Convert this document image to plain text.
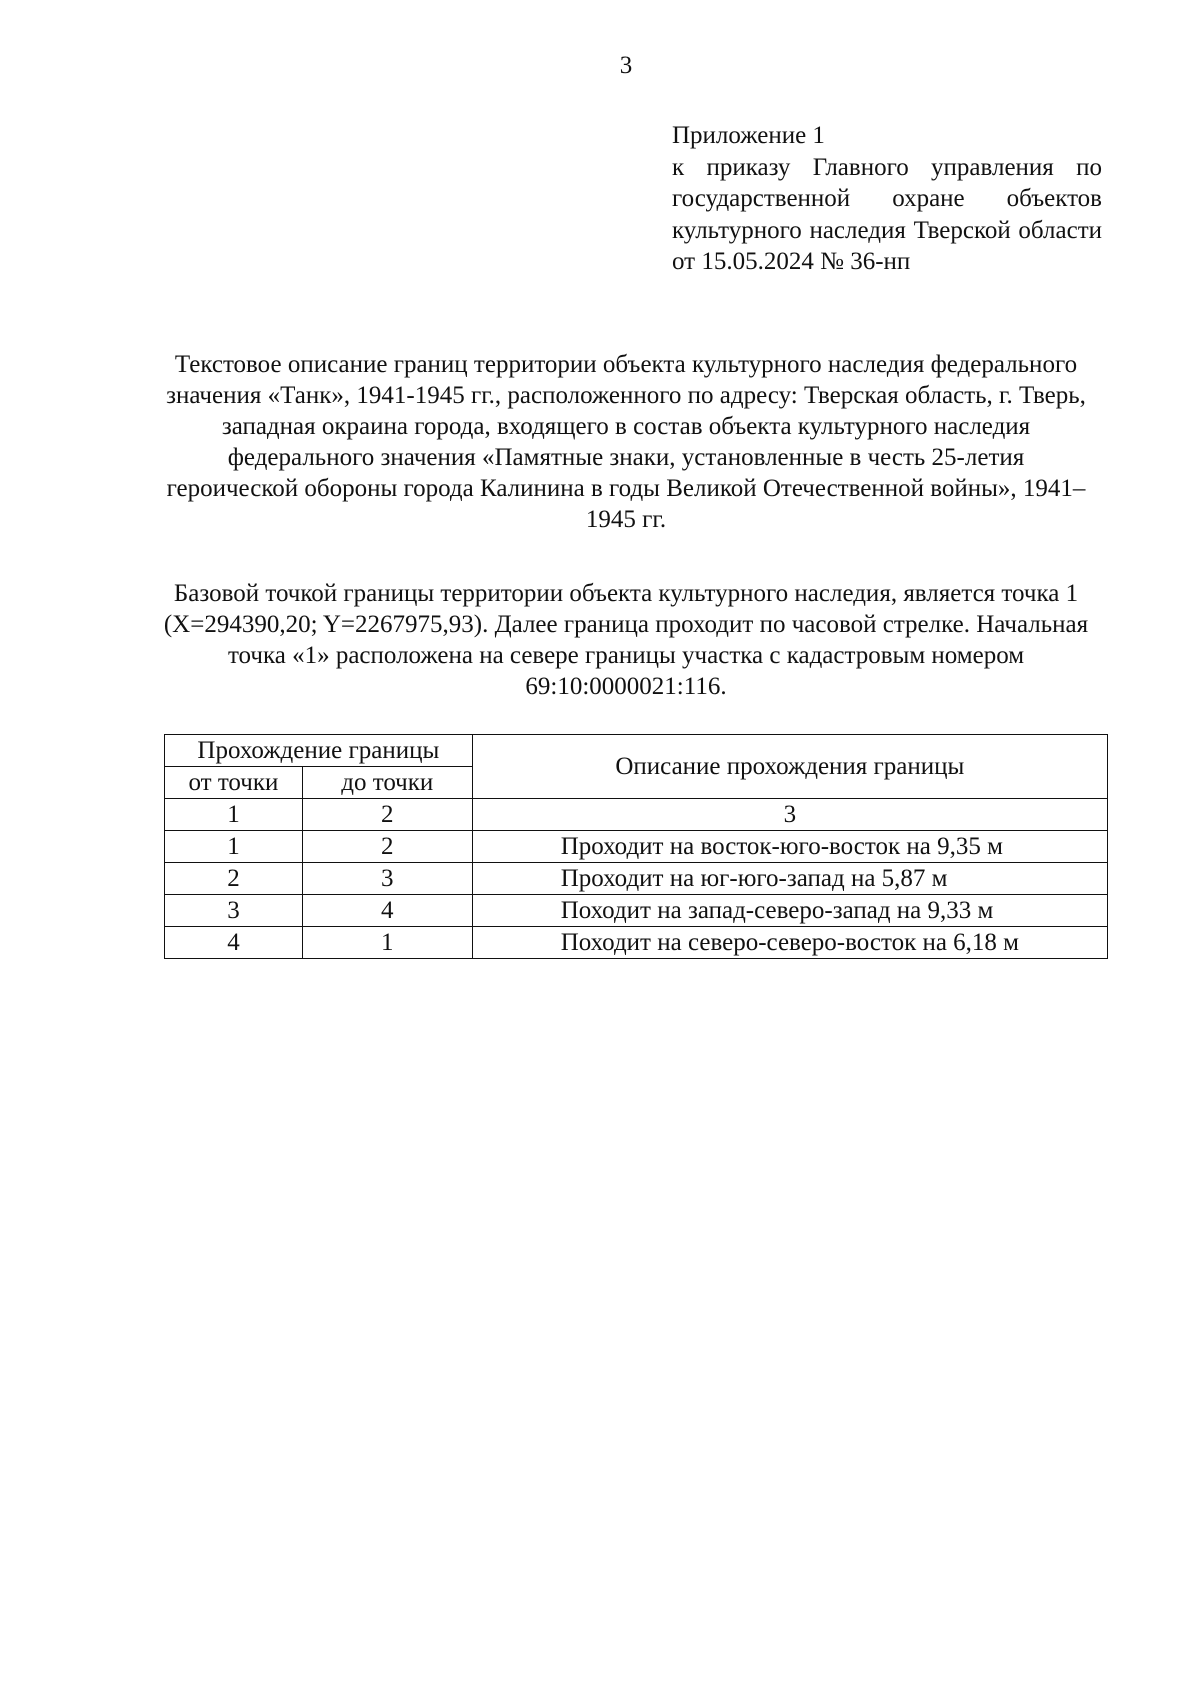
3
Приложение 1
к приказу Главного управления по государственной охране объектов культурного наследия Тверской области от 15.05.2024 № 36-нп
Текстовое описание границ территории объекта культурного наследия федерального значения «Танк», 1941-1945 гг., расположенного по адресу: Тверская область, г. Тверь, западная окраина города, входящего в состав объекта культурного наследия федерального значения «Памятные знаки, установленные в честь 25-летия героической обороны города Калинина в годы Великой Отечественной войны», 1941–1945 гг.
Базовой точкой границы территории объекта культурного наследия, является точка 1 (X=294390,20; Y=2267975,93). Далее граница проходит по часовой стрелке. Начальная точка «1» расположена на севере границы участка с кадастровым номером 69:10:0000021:116.
Прохождение границы		Описание прохождения границы
от точки	до точки	
1	2	3
1	2	Проходит на восток-юго-восток на 9,35 м
2	3	Проходит на юг-юго-запад на 5,87 м
3	4	Походит на запад-северо-запад на 9,33 м
4	1	Походит на северо-северо-восток на 6,18 м
